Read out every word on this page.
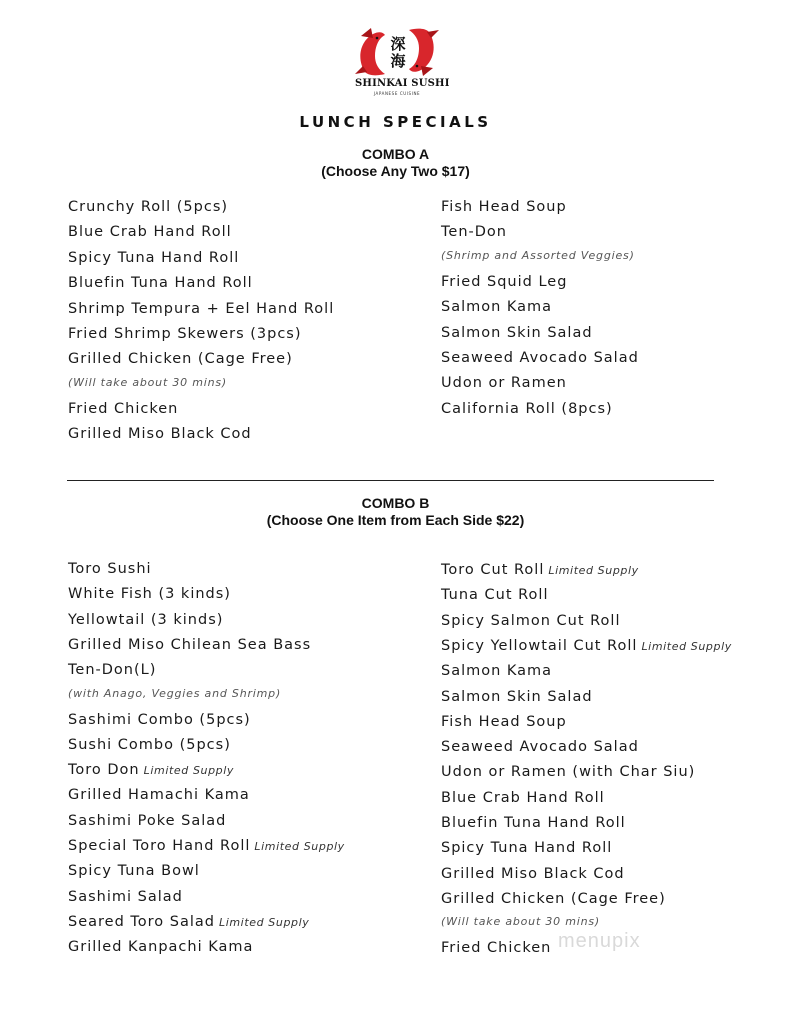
深海
SHINKAI SUSHI
JAPANESE CUISINE
LUNCH SPECIALS
COMBO A
(Choose Any Two $17)
Crunchy Roll (5pcs)
Blue Crab Hand Roll
Spicy Tuna Hand Roll
Bluefin Tuna Hand Roll
Shrimp Tempura + Eel Hand Roll
Fried Shrimp Skewers (3pcs)
Grilled Chicken (Cage Free)
(Will take about 30 mins)
Fried Chicken
Grilled Miso Black Cod
Fish Head Soup
Ten-Don
(Shrimp and Assorted Veggies)
Fried Squid Leg
Salmon Kama
Salmon Skin Salad
Seaweed Avocado Salad
Udon or Ramen
California Roll (8pcs)
COMBO B
(Choose One Item from Each Side $22)
Toro Sushi
White Fish (3 kinds)
Yellowtail (3 kinds)
Grilled Miso Chilean Sea Bass
Ten-Don(L)
(with Anago, Veggies and Shrimp)
Sashimi Combo (5pcs)
Sushi Combo (5pcs)
Toro Don Limited Supply
Grilled Hamachi Kama
Sashimi Poke Salad
Special Toro Hand Roll Limited Supply
Spicy Tuna Bowl
Sashimi Salad
Seared Toro Salad Limited Supply
Grilled Kanpachi Kama
Toro Cut Roll Limited Supply
Tuna Cut Roll
Spicy Salmon Cut Roll
Spicy Yellowtail Cut Roll Limited Supply
Salmon Kama
Salmon Skin Salad
Fish Head Soup
Seaweed Avocado Salad
Udon or Ramen (with Char Siu)
Blue Crab Hand Roll
Bluefin Tuna Hand Roll
Spicy Tuna Hand Roll
Grilled Miso Black Cod
Grilled Chicken (Cage Free)
(Will take about 30 mins)
Fried Chicken menupix
